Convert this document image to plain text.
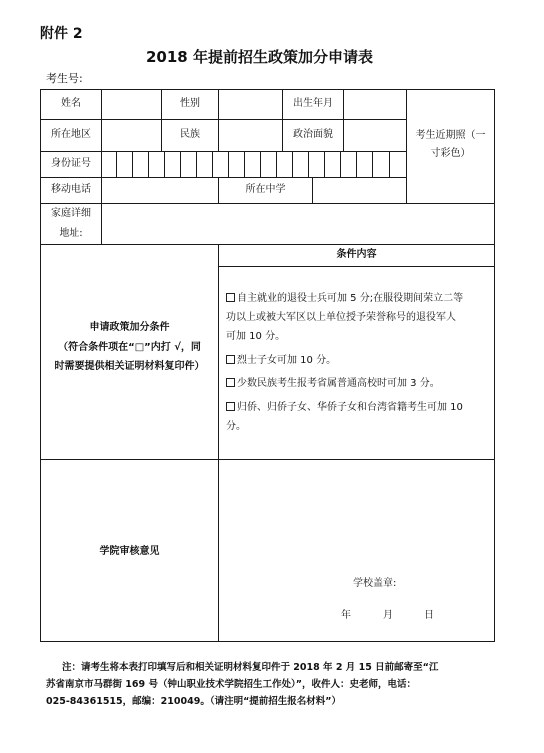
附件 2
2018 年提前招生政策加分申请表
考生号:
姓名	性别	出生年月
所在地区	民族	政治面貌	考生近期照（一
寸彩色）
身份证号
移动电话	所在中学
家庭详细
地址:
申请政策加分条件
（符合条件项在“□”内打 √，同
时需要提供相关证明材料复印件）
条件内容
自主就业的退役士兵可加 5 分;在服役期间荣立二等
功以上或被大军区以上单位授予荣誉称号的退役军人
可加 10 分。
烈士子女可加 10 分。
少数民族考生报考省属普通高校时可加 3 分。
归侨、归侨子女、华侨子女和台湾省籍考生可加 10
分。
学院审核意见
学校盖章:
年	月	日
注：请考生将本表打印填写后和相关证明材料复印件于 2018 年 2 月 15 日前邮寄至“江
苏省南京市马群街 169 号（钟山职业技术学院招生工作处）”，收件人：史老师，电话：
025-84361515，邮编：210049。（请注明“提前招生报名材料”）
